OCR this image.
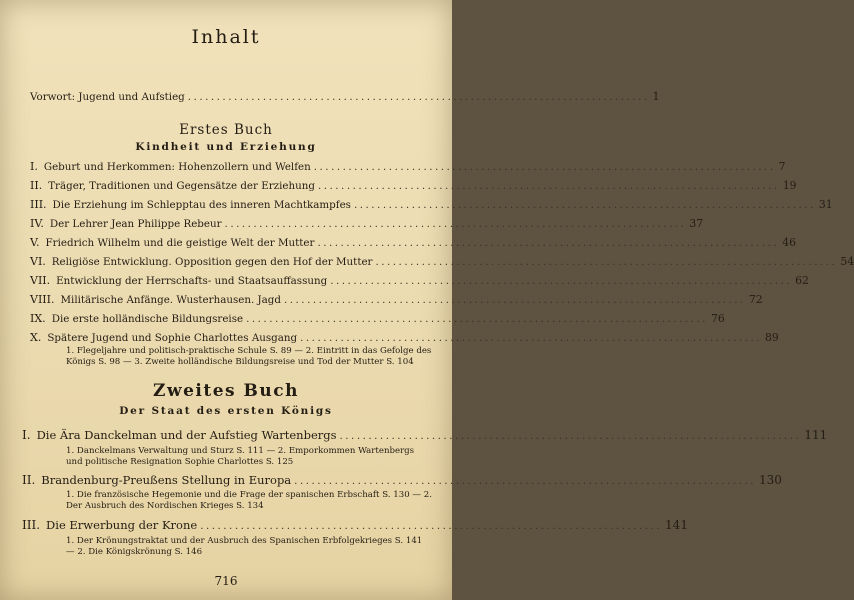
Inhalt
Vorwort: Jugend und Aufstieg ................................................................................ 1
Erstes Buch
Kindheit und Erziehung
I. Geburt und Herkommen: Hohenzollern und Welfen ................................................................................ 7
II. Träger, Traditionen und Gegensätze der Erziehung ................................................................................ 19
III. Die Erziehung im Schlepptau des inneren Machtkampfes ................................................................................ 31
IV. Der Lehrer Jean Philippe Rebeur ................................................................................ 37
V. Friedrich Wilhelm und die geistige Welt der Mutter ................................................................................ 46
VI. Religiöse Entwicklung. Opposition gegen den Hof der Mutter ................................................................................ 54
VII. Entwicklung der Herrschafts- und Staatsauffassung ................................................................................ 62
VIII. Militärische Anfänge. Wusterhausen. Jagd ................................................................................ 72
IX. Die erste holländische Bildungsreise ................................................................................ 76
X. Spätere Jugend und Sophie Charlottes Ausgang ................................................................................ 89
1. Flegeljahre und politisch-praktische Schule S. 89 — 2. Eintritt in das Gefolge des Königs S. 98 — 3. Zweite holländische Bildungsreise und Tod der Mutter S. 104
Zweites Buch
Der Staat des ersten Königs
I. Die Ära Danckelman und der Aufstieg Wartenbergs ................................................................................ 111
1. Danckelmans Verwaltung und Sturz S. 111 — 2. Emporkommen Wartenbergs und politische Resignation Sophie Charlottes S. 125
II. Brandenburg-Preußens Stellung in Europa ................................................................................ 130
1. Die französische Hegemonie und die Frage der spanischen Erbschaft S. 130 — 2. Der Ausbruch des Nordischen Krieges S. 134
III. Die Erwerbung der Krone ................................................................................ 141
1. Der Krönungstraktat und der Ausbruch des Spanischen Erbfolgekrieges S. 141 — 2. Die Königskrönung S. 146
716
